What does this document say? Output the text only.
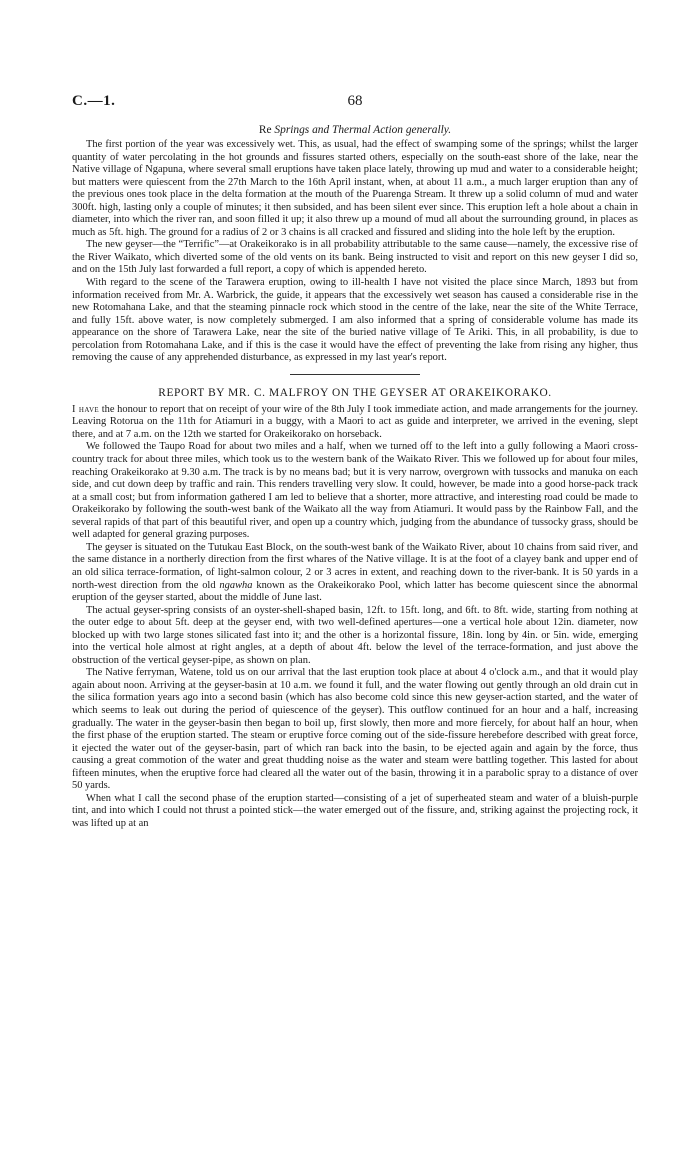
C.—1.	68
Re Springs and Thermal Action generally.

The first portion of the year was excessively wet. This, as usual, had the effect of swamping some of the springs; whilst the larger quantity of water percolating in the hot grounds and fissures started others, especially on the south-east shore of the lake, near the Native village of Ngapuna, where several small eruptions have taken place lately, throwing up mud and water to a considerable height; but matters were quiescent from the 27th March to the 16th April instant, when, at about 11 a.m., a much larger eruption than any of the previous ones took place in the delta formation at the mouth of the Puarenga Stream. It threw up a solid column of mud and water 300ft. high, lasting only a couple of minutes; it then subsided, and has been silent ever since. This eruption left a hole about a chain in diameter, into which the river ran, and soon filled it up; it also threw up a mound of mud all about the surrounding ground, in places as much as 5ft. high. The ground for a radius of 2 or 3 chains is all cracked and fissured and sliding into the hole left by the eruption.

The new geyser—the “Terrific”—at Orakeikorako is in all probability attributable to the same cause—namely, the excessive rise of the River Waikato, which diverted some of the old vents on its bank. Being instructed to visit and report on this new geyser I did so, and on the 15th July last forwarded a full report, a copy of which is appended hereto.

With regard to the scene of the Tarawera eruption, owing to ill-health I have not visited the place since March, 1893 but from information received from Mr. A. Warbrick, the guide, it appears that the excessively wet season has caused a considerable rise in the new Rotomahana Lake, and that the steaming pinnacle rock which stood in the centre of the lake, near the site of the White Terrace, and fully 15ft. above water, is now completely submerged. I am also informed that a spring of considerable volume has made its appearance on the shore of Tarawera Lake, near the site of the buried native village of Te Ariki. This, in all probability, is due to percolation from Rotomahana Lake, and if this is the case it would have the effect of preventing the lake from rising any higher, thus removing the cause of any apprehended disturbance, as expressed in my last year's report.

REPORT BY MR. C. MALFROY ON THE GEYSER AT ORAKEIKORAKO.

I have the honour to report that on receipt of your wire of the 8th July I took immediate action, and made arrangements for the journey. Leaving Rotorua on the 11th for Atiamuri in a buggy, with a Maori to act as guide and interpreter, we arrived in the evening, slept there, and at 7 a.m. on the 12th we started for Orakeikorako on horseback.

We followed the Taupo Road for about two miles and a half, when we turned off to the left into a gully following a Maori cross-country track for about three miles, which took us to the western bank of the Waikato River. This we followed up for about four miles, reaching Orakeikorako at 9.30 a.m. The track is by no means bad; but it is very narrow, overgrown with tussocks and manuka on each side, and cut down deep by traffic and rain. This renders travelling very slow. It could, however, be made into a good horse-pack track at a small cost; but from information gathered I am led to believe that a shorter, more attractive, and interesting road could be made to Orakeikorako by following the south-west bank of the Waikato all the way from Atiamuri. It would pass by the Rainbow Fall, and the several rapids of that part of this beautiful river, and open up a country which, judging from the abundance of tussocky grass, should be well adapted for general grazing purposes.

The geyser is situated on the Tutukau East Block, on the south-west bank of the Waikato River, about 10 chains from said river, and the same distance in a northerly direction from the first whares of the Native village. It is at the foot of a clayey bank and upper end of an old silica terrace-formation, of light-salmon colour, 2 or 3 acres in extent, and reaching down to the river-bank. It is 50 yards in a north-west direction from the old ngawha known as the Orakeikorako Pool, which latter has become quiescent since the abnormal eruption of the geyser started, about the middle of June last.

The actual geyser-spring consists of an oyster-shell-shaped basin, 12ft. to 15ft. long, and 6ft. to 8ft. wide, starting from nothing at the outer edge to about 5ft. deep at the geyser end, with two well-defined apertures—one a vertical hole about 12in. diameter, now blocked up with two large stones silicated fast into it; and the other is a horizontal fissure, 18in. long by 4in. or 5in. wide, emerging into the vertical hole almost at right angles, at a depth of about 4ft. below the level of the terrace-formation, and just above the obstruction of the vertical geyser-pipe, as shown on plan.

The Native ferryman, Watene, told us on our arrival that the last eruption took place at about 4 o'clock a.m., and that it would play again about noon. Arriving at the geyser-basin at 10 a.m. we found it full, and the water flowing out gently through an old drain cut in the silica formation years ago into a second basin (which has also become cold since this new geyser-action started, and the water of which seems to leak out during the period of quiescence of the geyser). This outflow continued for an hour and a half, increasing gradually. The water in the geyser-basin then began to boil up, first slowly, then more and more fiercely, for about half an hour, when the first phase of the eruption started. The steam or eruptive force coming out of the side-fissure herebefore described with great force, it ejected the water out of the geyser-basin, part of which ran back into the basin, to be ejected again and again by the force, thus causing a great commotion of the water and great thudding noise as the water and steam were battling together. This lasted for about fifteen minutes, when the eruptive force had cleared all the water out of the basin, throwing it in a parabolic spray to a distance of over 50 yards.

When what I call the second phase of the eruption started—consisting of a jet of superheated steam and water of a bluish-purple tint, and into which I could not thrust a pointed stick—the water emerged out of the fissure, and, striking against the projecting rock, it was lifted up at an
